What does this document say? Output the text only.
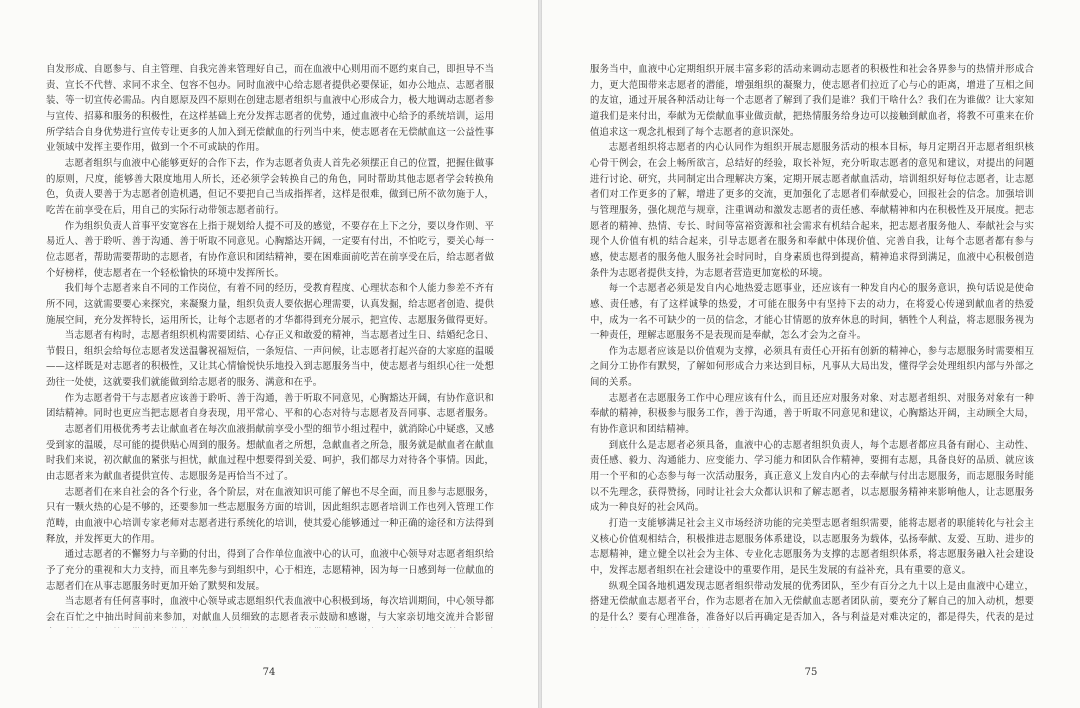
自发形成、自愿参与、自主管理、自我完善来管理好自己，而在血液中心则用而不愿约束自己，即担导不当责、宣长不代替、求同不求全、包容不包办。同时血液中心给志愿者提供必要保证，如办公地点、志愿者服装、等一切宣传必需品。内自愿原及四不原则在创建志愿者组织与血液中心形成合力，极大地调动志愿者参与宣传、招募和服务的积极性，在这样基础上充分发挥志愿者的优势，通过血液中心给予的系统培训，运用所学结合自身优势进行宣传专让更多的人加入到无偿献血的行列当中来，使志愿者在无偿献血这一公益性事业领域中发挥主要作用，做到一个不可或缺的作用。

志愿者组织与血液中心能够更好的合作下去，作为志愿者负责人首先必须摆正自己的位置，把握住做事的原则，尺度，能够善大限度地用人所长，还必须学会转换自己的角色，同时帮助其他志愿者学会转换角色，负责人要善于为志愿者创造机遇，但记不要把自己当成指挥者，这样是很难，做到已所不欲勿施于人，吃苦在前享受在后，用自己的实际行动带领志愿者前行。

作为组织负责人首事平安宽容在上指于规划给人提不可及的感觉，不要存在上下之分，要以身作则、平易近人、善于聆听、善于沟通、善于听取不同意见。心胸豁达开阔，一定要有付出，不怕吃亏，要关心每一位志愿者，帮助需要帮助的志愿者，有协作意识和团结精神，要在困难面前吃苦在前享受在后，给志愿者做个好榜样，使志愿者在一个轻松愉快的环境中发挥所长。

我们每个志愿者来自不同的工作岗位，有着不同的经历，受教育程度、心理状态和个人能力参差不齐有所不同，这就需要要心来探究，来凝聚力量，组织负责人要依据心理需要，认真发掘，给志愿者创造、提供施展空间，充分发挥特长，运用所长，让每个志愿者的才华都得到充分展示，把宣传、志愿服务做得更好。

当志愿者有构时，志愿者组织机构需要团结、心存正义和敢爱的精神，当志愿者过生日、结婚纪念日、节假日，组织会给每位志愿者发送温馨祝福短信，一条短信、一声问候，让志愿者打起兴奋的大家庭的温暖——这样既是对志愿者的积极性，又让其心情愉悦快乐地投入到志愿服务当中，使志愿者与组织心往一处想劲往一处使，这就要我们就能做到给志愿者的服务、满意和在乎。

作为志愿者骨干与志愿者应该善于聆听、善于沟通，善于听取不同意见，心胸豁达开阔，有协作意识和团结精神。同时也更应当把志愿者自身表现，用平常心、平和的心态对待与志愿者及吾同事、志愿者服务。

志愿者们用极优秀考去让献血者在每次血液捐献前享受小型的细节小组过程中，就消除心中疑惑，又感受到家的温暖，尽可能的提供贴心周到的服务。想献血者之所想，急献血者之所急，服务就是献血者在献血时我们来说，初次献血的紧张与担忧，献血过程中想要得到关爱、呵护，我们都尽力对待各个事情。因此，由志愿者来为献血者提供宣传、志愿服务是再恰当不过了。

志愿者们在来自社会的各个行业，各个阶层，对在血液知识可能了解也不尽全面，而且参与志愿服务，只有一颗火热的心是不够的，还要参加一些志愿服务方面的培训，因此组织志愿者培训工作也列入管理工作范畴，由血液中心培训专家老师对志愿者进行系统化的培训，使其爱心能够通过一种正确的途径和方法得到释放，并发挥更大的作用。

通过志愿者的不懈努力与辛勤的付出，得到了合作单位血液中心的认可，血液中心领导对志愿者组织给予了充分的重视和大力支持，而且率先参与到组织中，心于相连，志愿精神，因为每一日感到每一位献血的志愿者们在从事志愿服务时更加开始了默契和发展。

当志愿者有任何喜事时，血液中心领导或志愿组织代表血液中心积极到场，每次培训期间，中心领导都会在百忙之中抽出时间前来参加，对献血人员细致的志愿者表示鼓励和感谢，与大家亲切地交流并合影留

74

服务当中，血液中心定期组织开展丰富多彩的活动来调动志愿者的积极性和社会各界参与的热情并形成合力，更大范围带来志愿者的潜能，增强组织的凝聚力，使志愿者们拉近了心与心的距离，增进了互相之间的友谊，通过开展各种活动让每一个志愿者了解到了我们是谁？我们干啥什么？我们在为谁做？让大家知道我们是来付出，奉献为无偿献血事业做贡献，把热情服务给身边可以接触到献血者，将教不可重来在价值追求这一观念扎根到了每个志愿者的意识深处。

志愿者组织将志愿者的内心认同作为组织开展志愿服务活动的根本目标，每月定期召开志愿者组织核心骨干例会，在会上畅所欲言，总结好的经验，取长补短，充分听取志愿者的意见和建议，对提出的问题进行讨论、研究，共同制定出合理解决方案，定期开展志愿者献血活动，培训组织好每位志愿者，让志愿者们对工作更多的了解，增进了更多的交流，更加强化了志愿者们奉献爱心，回报社会的信念。加强培训与管理服务，强化规范与规章，注重调动和激发志愿者的责任感、奉献精神和内在积极性及开展度。把志愿者的精神、热情、专长、时间等富裕资源和社会需求有机结合起来，把志愿者服务他人、奉献社会与实现个人价值有机的结合起来，引导志愿者在服务和奉献中体现价值、完善自我，让每个志愿者都有参与感，使志愿者的服务他人服务社会时同时，自身素质也得到提高，精神追求得到满足，血液中心积极创造条件为志愿者提供支持，为志愿者营造更加宽松的环境。

每一个志愿者必须是发自内心地热爱志愿事业，还应该有一种发自内心的服务意识，换句话说是使命感、责任感，有了这样诚挚的热爱，才可能在服务中有坚持下去的动力，在将爱心传递到献血者的热爱中，成为一名不可缺少的一员的信念，才能心甘情愿的放弃休息的时间，牺牲个人利益，将志愿服务视为一种责任，理解志愿服务不是表现而是奉献，怎么才会为之奋斗。

作为志愿者应该是以价值观为支撑，必须具有责任心开拓有创新的精神心，参与志愿服务时需要相互之间分工协作有默契，了解如何形成合力来达到目标，凡事从大局出发，懂得学会处理组织内部与外部之间的关系。

志愿者在志愿服务工作中心理应该有什么，而且还应对服务对象、对志愿者组织、对服务对象有一种奉献的精神，积极参与服务工作，善于沟通，善于听取不同意见和建议，心胸豁达开阔，主动顾全大局，有协作意识和团结精神。

到底什么是志愿者必须具备，血液中心的志愿者组织负责人，每个志愿者都应具备有耐心、主动性、责任感、毅力、沟通能力、应变能力、学习能力和团队合作精神，要拥有志愿，具备良好的品质、就应该用一个平和的心态参与每一次活动服务，真正意义上发自内心的去奉献与付出志愿服务，而志愿服务时能以不先理念，获得赞扬，同时让社会大众都认识和了解志愿者，以志愿服务精神来影响他人，让志愿服务成为一种良好的社会风尚。

打造一支能够满足社会主义市场经济功能的完美型志愿者组织需要，能将志愿者的职能转化与社会主义核心价值观相结合，积极推进志愿服务体系建设，以志愿服务为载体，弘扬奉献、友爱、互助、进步的志愿精神，建立健全以社会为主体、专业化志愿服务为支撑的志愿者组织体系，将志愿服务融入社会建设中，发挥志愿者组织在社会建设中的重要作用，是民生发展的有益补充，具有重要的意义。

纵观全国各地机遇发现志愿者组织带动发展的优秀团队，至少有百分之九十以上是由血液中心建立，搭建无偿献血志愿者平台，作为志愿者在加入无偿献血志愿者团队前，要充分了解自己的加入动机，想要的是什么？要有心理准备，准备好以后再确定是否加入，各与利益是对难决定的，都是得失，代表的是过

75
